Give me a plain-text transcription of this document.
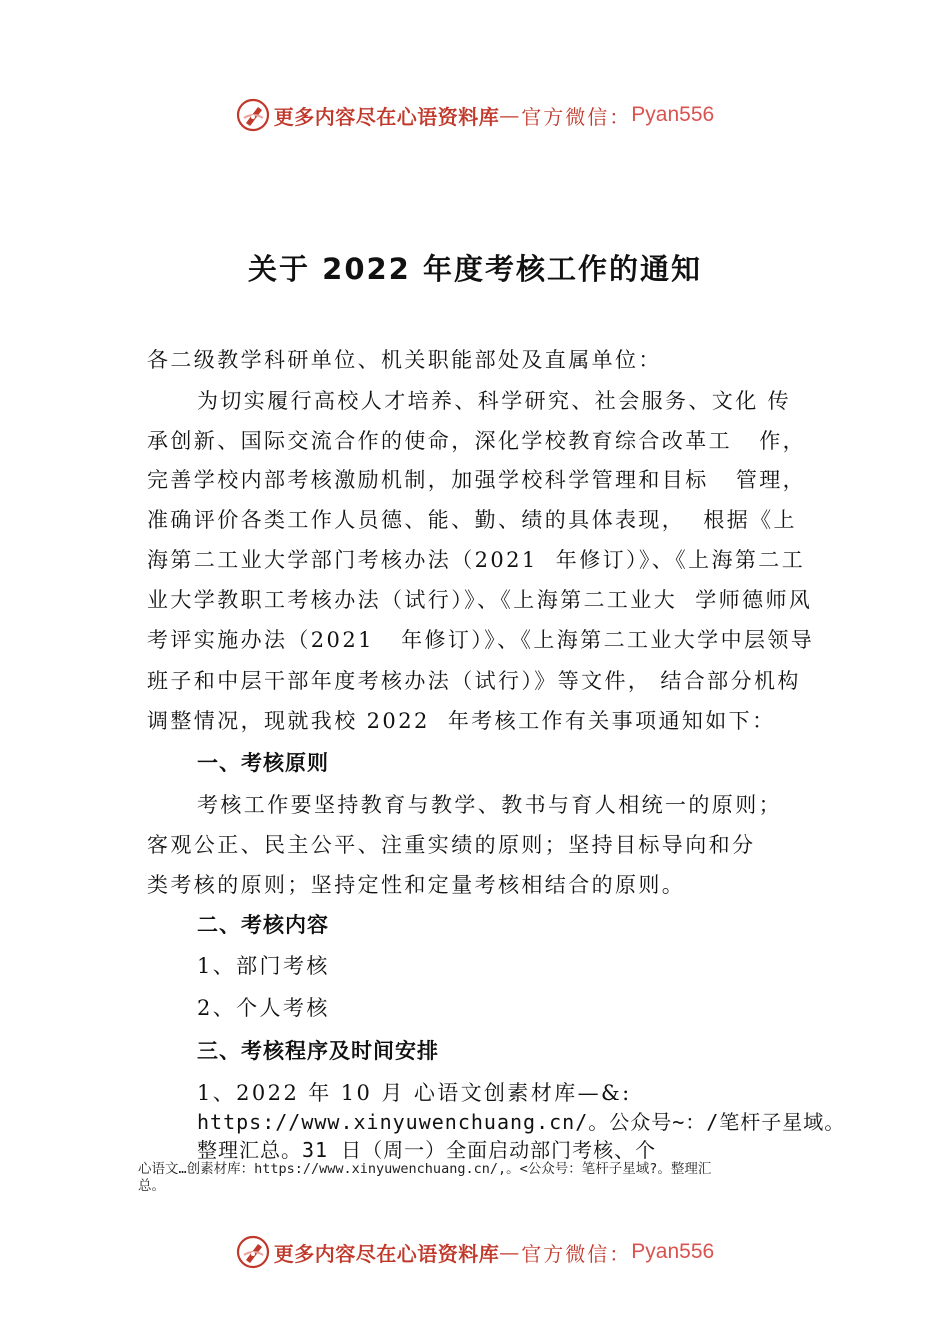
更多内容尽在心语资料库 — 官方微信： Pyan556
关于 2022 年度考核工作的通知
各二级教学科研单位、机关职能部处及直属单位：
为切实履行高校人才培养、科学研究、社会服务、文化 传
承创新、国际交流合作的使命，深化学校教育综合改革工   作，
完善学校内部考核激励机制，加强学校科学管理和目标   管理，
准确评价各类工作人员德、能、勤、绩的具体表现，  根据《上
海第二工业大学部门考核办法（2021  年修订）》、《上海第二工
业大学教职工考核办法（试行）》、《上海第二工业大  学师德师风
考评实施办法（2021   年修订）》、《上海第二工业大学中层领导
班子和中层干部年度考核办法（试行）》等文件， 结合部分机构
调整情况，现就我校 2022  年考核工作有关事项通知如下：
一、考核原则
考核工作要坚持教育与教学、教书与育人相统一的原则；
客观公正、民主公平、注重实绩的原则；坚持目标导向和分
类考核的原则；坚持定性和定量考核相结合的原则。
二、考核内容
1、部门考核
2、个人考核
三、考核程序及时间安排
1、2022 年 10 月 心语文创素材库—&:
https://www.xinyuwenchuang.cn/。公众号~：/笔杆子星域。
整理汇总。31 日（周一）全面启动部门考核、个
心语文…创素材库：https://www.xinyuwenchuang.cn/,。<公众号：笔杆子星域?。整理汇
总。
更多内容尽在心语资料库 — 官方微信： Pyan556
